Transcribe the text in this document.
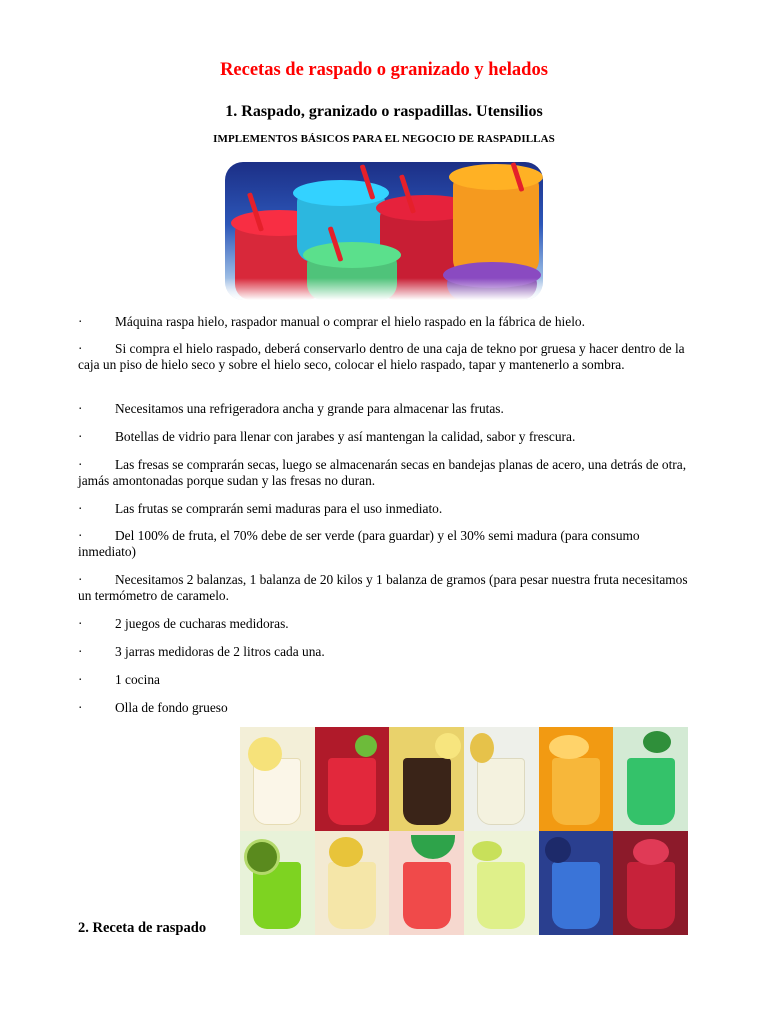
Recetas de raspado o granizado y helados
1. Raspado, granizado o raspadillas. Utensilios
IMPLEMENTOS BÁSICOS PARA EL NEGOCIO DE RASPADILLAS
·	Máquina raspa hielo, raspador manual o comprar el hielo raspado en la fábrica de hielo.
·	Si compra el hielo raspado, deberá conservarlo dentro de una caja de tekno por gruesa y hacer dentro de la caja un piso de hielo seco y sobre el hielo seco, colocar el hielo raspado, tapar y mantenerlo a sombra.
·	Necesitamos una refrigeradora ancha y grande para almacenar las frutas.
·	Botellas de vidrio para llenar con jarabes y así mantengan la calidad, sabor y frescura.
·	Las fresas se comprarán secas, luego se almacenarán secas en bandejas planas de acero, una detrás de otra, jamás amontonadas porque sudan y las fresas no duran.
·	Las frutas se comprarán semi maduras para el uso inmediato.
·	Del 100% de fruta, el 70% debe de ser verde (para guardar) y el 30% semi madura (para consumo inmediato)
·	Necesitamos 2 balanzas, 1 balanza de 20 kilos y 1 balanza de gramos (para pesar nuestra fruta necesitamos un termómetro de caramelo.
·	2 juegos de cucharas medidoras.
·	3 jarras medidoras de 2 litros cada una.
·	1 cocina
·	Olla de fondo grueso
2. Receta de raspado
